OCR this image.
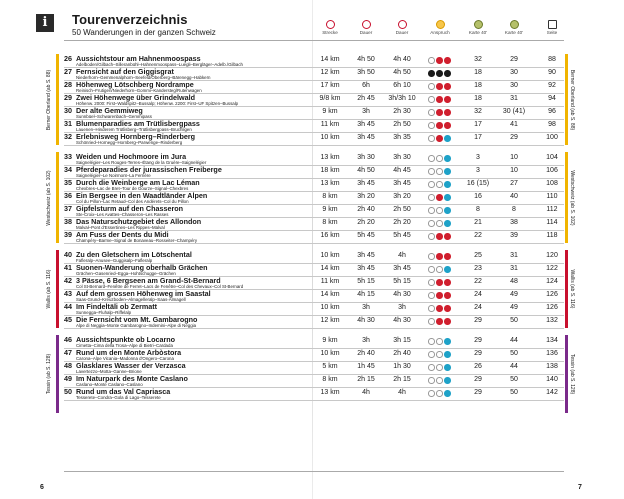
i	Tourenverzeichnis
50 Wanderungen in der ganzen Schweiz	Strecke	Dauer	Dauer	Anspruch	Karte 40'	Karte 40'	Seite
26 Aussichtstour am Hahnenmoospass
Adelboden/Gilbach–Silleranbühl–Hahnenmoospass–Luegli–Bergläger–Adelb./Gilbach
14 km	4h 50	4h 40	32	29	88
27 Fernsicht auf den Giggisgrat
Niederhorn–Gemmenalphorn–Seefeld/Oberberg–Bärenegg–Habkern
12 km	3h 50	4h 50	18	30	90
28 Höhenweg Lötschberg Nordrampe
Reinisch–Frutigen/Niederhorn–Gommi–Kandersteg/Rutenwagen
17 km	6h	6h 10	18	30	92
29 Zwei Höhenwege über Grindelwald
Höhenw. 2000: First–Waldspitz–Bussalp; Höhenw. 2200: First–UF Spitzen–Bussalp
9/8 km	2h 45	3h/3h 10	18	31	94
30 Der alte Gemmiweg
Sunnbüel–Schwarenbach–Gemmipass
9 km	3h	2h 30	32	30 (41)	96
31 Blumenparadies am Trütlisbergpass
Lauenen–Hinderem Trütlisberg–Trütlisbergpass–Bruchligen
11 km	3h 45	2h 50	17	41	98
32 Erlebnisweg Hornberg–Rinderberg
Schönried–Hornegg–Hornberg–Parwenge–Rinderberg
10 km	3h 45	3h 35	17	29	100
33 Weiden und Hochmoore im Jura
Saignelégier–Les Rouges-Terres–Étang de la Gruère–Saignelégier
13 km	3h 30	3h 30	3	10	104
34 Pferdeparadies der jurassischen Freiberge
Saignelégier–Le Noirmont–La Ferrière
18 km	4h 50	4h 45	3	10	106
35 Durch die Weinberge am Lac Léman
Chexbres–Lac de Bret–Tour de Gourze–Signal–Chexbres
13 km	3h 45	3h 45	16 (15)	27	108
36 Ein Bergsee in den Waadtländer Alpen
Col du Pillon–Lac Retaud–Col des Andérets–Col du Pillon
8 km	3h 20	3h 20	16	40	110
37 Gipfelsturm auf den Chasseron
Ste-Croix–Les Avattes–Chasseron–Les Rasses
9 km	2h 40	2h 50	8	8	112
38 Das Naturschutzgebiet des Allondon
Malval–Pont d'Essertines–Les Rippes–Malval
8 km	2h 20	2h 20	21	38	114
39 Am Fuss der Dents du Midi
Champéry–Barme–Signal de Bonaveau–Rosseiter–Champéry
16 km	5h 45	5h 45	22	39	118
40 Zu den Gletschern im Lötschental
Fafleralp–Anusee–Guggisalp–Fafleralp
10 km	3h 45	4h	25	31	120
41 Suonen-Wanderung oberhalb Grächen
Grächen–Gasenried–Egga–Hohtschugge–Grächen
14 km	3h 45	3h 45	23	31	122
42 3 Pässe, 6 Bergseen am Grand-St-Bernard
Col St-Bernard–Fenêtre de Ferret–Lacs de Fenêtre–Col des Chevaux–Col St-Bernard
11 km	5h 15	5h 15	22	48	124
43 Auf dem grossen Höhenweg im Saastal
Saas-Grund–Kreuzboden–Almagelleralp–Saas-Almagell
14 km	4h 15	4h 30	24	49	126
44 Im Findeltäli ob Zermatt
Sunnegga–Fluhalp–Riffelalp
10 km	3h	3h	24	49	126
45 Die Fernsicht vom Mt. Gambarogno
Alpe di Neggia–Monte Gambarogno–Indemini–Alpe di Neggia
12 km	4h 30	4h 30	29	50	132
46 Aussichtspunkte ob Locarno
Cimetta–Cima della Trosa–Alpe di Bietri–Cardada
9 km	3h	3h 15	29	44	134
47 Rund um den Monte Arbòstora
Carona–Alpe Vicania–Madonna d'Ongero–Carona
10 km	2h 40	2h 40	29	50	136
48 Glasklares Wasser der Verzasca
Lavertezzo–Motta–Ganne–Brione
5 km	1h 45	1h 30	26	44	138
49 Im Naturpark des Monte Caslano
Caslano–Monte Caslano–Caslano
8 km	2h 15	2h 15	29	50	140
50 Rund um das Val Capriasca
Tesserete–Condra–Gola di Lago–Tesserete
13 km	4h	4h	29	50	142
Berner Oberland (ab S. 88)	Berner Oberland (ab S. 88)
Westschweiz (ab S. 102)	Westschweiz (ab S. 102)
Wallis (ab S. 116)	Wallis (ab S. 116)
Tessin (ab S. 128)	Tessin (ab S. 128)
6	7
